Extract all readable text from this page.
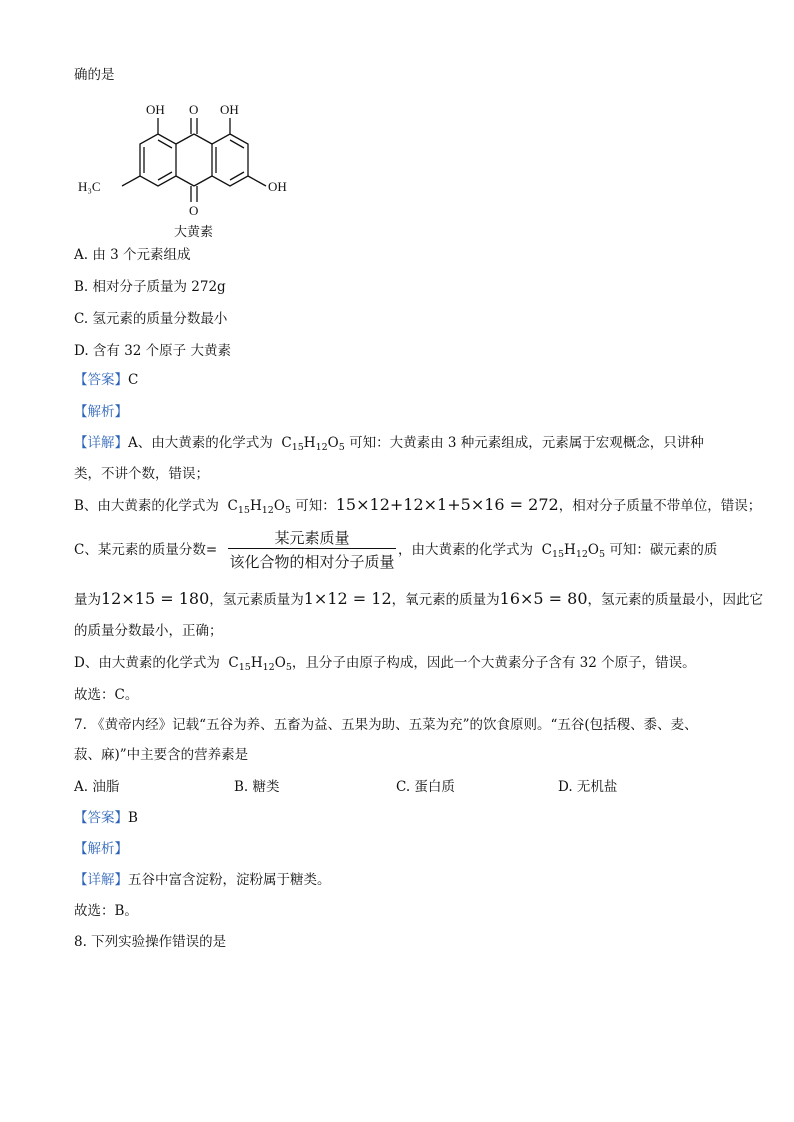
确的是
OH O OH
O
OH
H₃C
大黄素
A. 由 3 个元素组成
B. 相对分子质量为 272g
C. 氢元素的质量分数最小
D. 含有 32 个原子 大黄素
【答案】C
【解析】
【详解】A、由大黄素的化学式为 $C_{15}H_{12}O_5$ 可知：大黄素由 3 种元素组成，元素属于宏观概念，只讲种
类，不讲个数，错误；
B、由大黄素的化学式为 $C_{15}H_{12}O_5$ 可知：15×12+12×1+5×16 = 272，相对分子质量不带单位，错误；
C、某元素的质量分数=
某元素质量
该化合物的相对分子质量
，由大黄素的化学式为 $C_{15}H_{12}O_5$ 可知：碳元素的质
量为12×15 = 180，氢元素质量为1×12 = 12，氧元素的质量为16×5 = 80，氢元素的质量最小，因此它
的质量分数最小，正确；
D、由大黄素的化学式为 $C_{15}H_{12}O_5$，且分子由原子构成，因此一个大黄素分子含有 32 个原子，错误。
故选：C。
7. 《黄帝内经》记载“五谷为养、五畜为益、五果为助、五菜为充”的饮食原则。“五谷(包括稷、黍、麦、
菽、麻)”中主要含的营养素是
A. 油脂	B. 糖类	C. 蛋白质	D. 无机盐
【答案】B
【解析】
【详解】五谷中富含淀粉，淀粉属于糖类。
故选：B。
8. 下列实验操作错误的是
